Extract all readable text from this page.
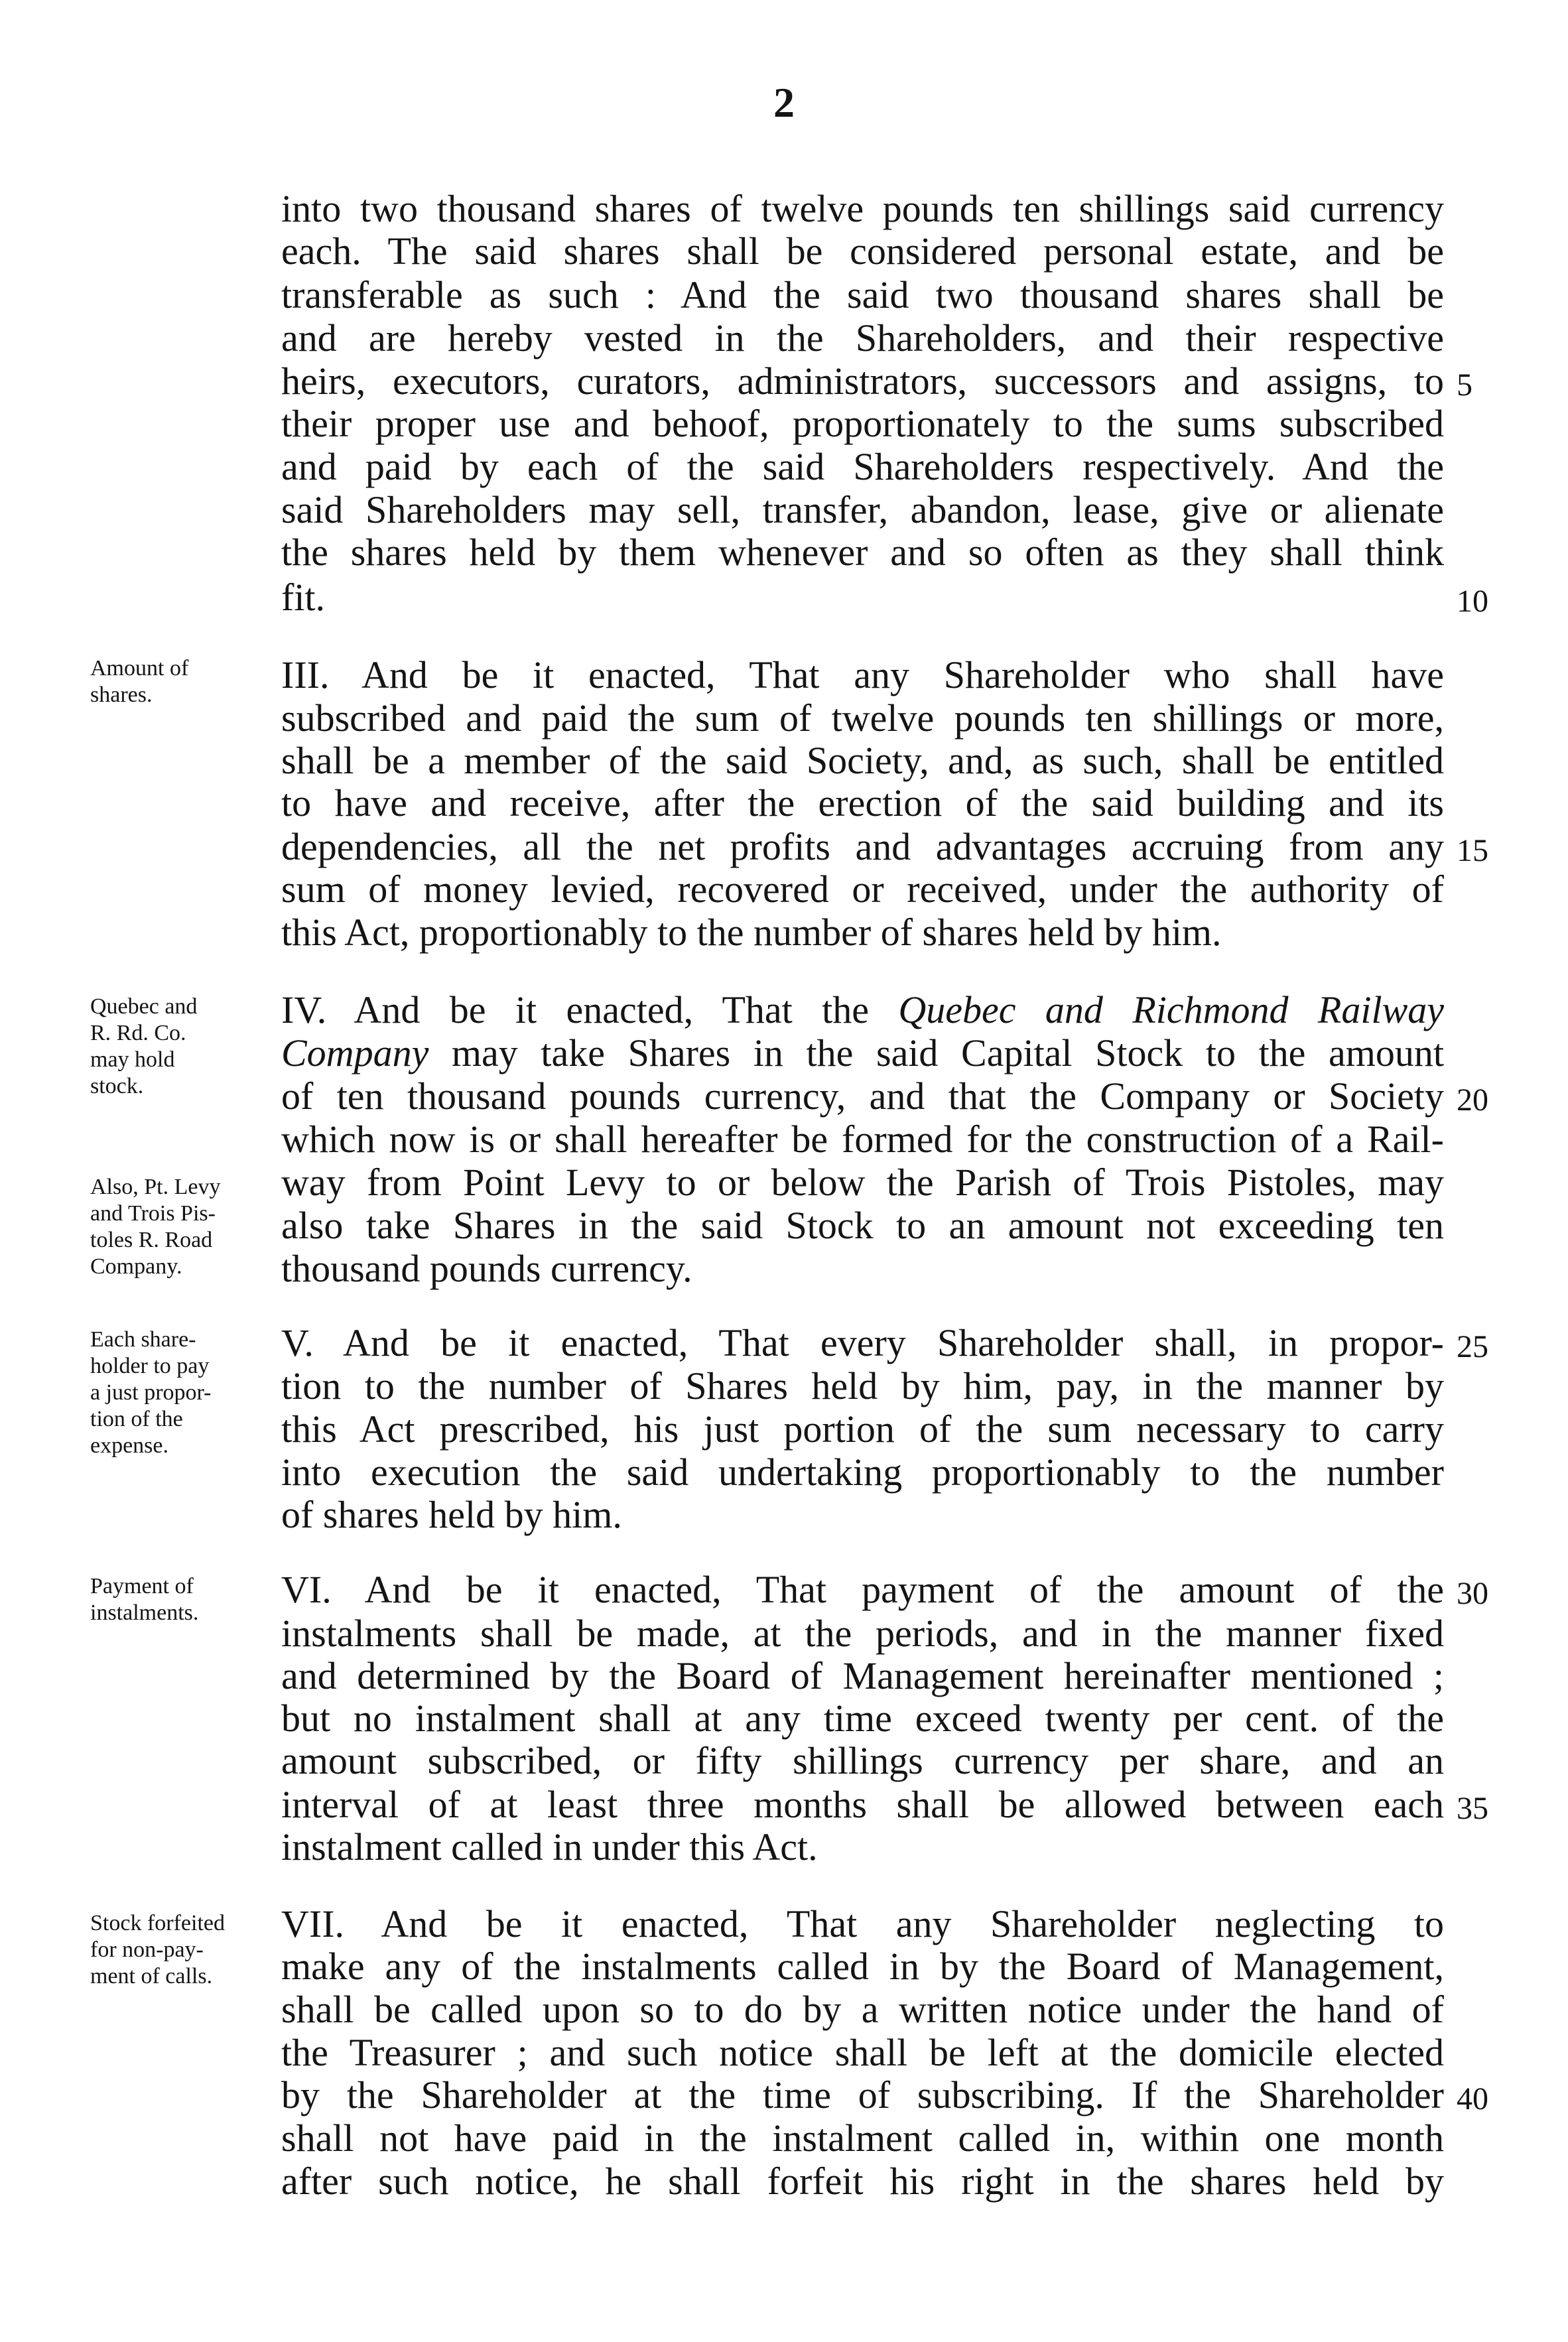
2
into two thousand shares of twelve pounds ten shillings said currency
each. The said shares shall be considered personal estate, and be
transferable as such : And the said two thousand shares shall be
and are hereby vested in the Shareholders, and their respective
heirs, executors, curators, administrators, successors and assigns, to 5
their proper use and behoof, proportionately to the sums subscribed
and paid by each of the said Shareholders respectively. And the
said Shareholders may sell, transfer, abandon, lease, give or alienate
the shares held by them whenever and so often as they shall think
fit.	10
III. And be it enacted, That any Shareholder who shall have
subscribed and paid the sum of twelve pounds ten shillings or more,
shall be a member of the said Society, and, as such, shall be entitled
to have and receive, after the erection of the said building and its
dependencies, all the net profits and advantages accruing from any 15
sum of money levied, recovered or received, under the authority of
this Act, proportionably to the number of shares held by him.
IV. And be it enacted, That the Quebec and Richmond Railway
Company may take Shares in the said Capital Stock to the amount
of ten thousand pounds currency, and that the Company or Society 20
which now is or shall hereafter be formed for the construction of a Rail-
way from Point Levy to or below the Parish of Trois Pistoles, may
also take Shares in the said Stock to an amount not exceeding ten
thousand pounds currency.
V. And be it enacted, That every Shareholder shall, in propor- 25
tion to the number of Shares held by him, pay, in the manner by
this Act prescribed, his just portion of the sum necessary to carry
into execution the said undertaking proportionably to the number
of shares held by him.
VI. And be it enacted, That payment of the amount of the 30
instalments shall be made, at the periods, and in the manner fixed
and determined by the Board of Management hereinafter mentioned ;
but no instalment shall at any time exceed twenty per cent. of the
amount subscribed, or fifty shillings currency per share, and an
interval of at least three months shall be allowed between each 35
instalment called in under this Act.
VII. And be it enacted, That any Shareholder neglecting to
make any of the instalments called in by the Board of Management,
shall be called upon so to do by a written notice under the hand of
the Treasurer ; and such notice shall be left at the domicile elected
by the Shareholder at the time of subscribing. If the Shareholder 40
shall not have paid in the instalment called in, within one month
after such notice, he shall forfeit his right in the shares held by
Amount of
shares.
Quebec and
R. Rd. Co.
may hold
stock.
Also, Pt. Levy
and Trois Pis-
toles R. Road
Company.
Each share-
holder to pay
a just propor-
tion of the
expense.
Payment of
instalments.
Stock forfeited
for non-pay-
ment of calls.
